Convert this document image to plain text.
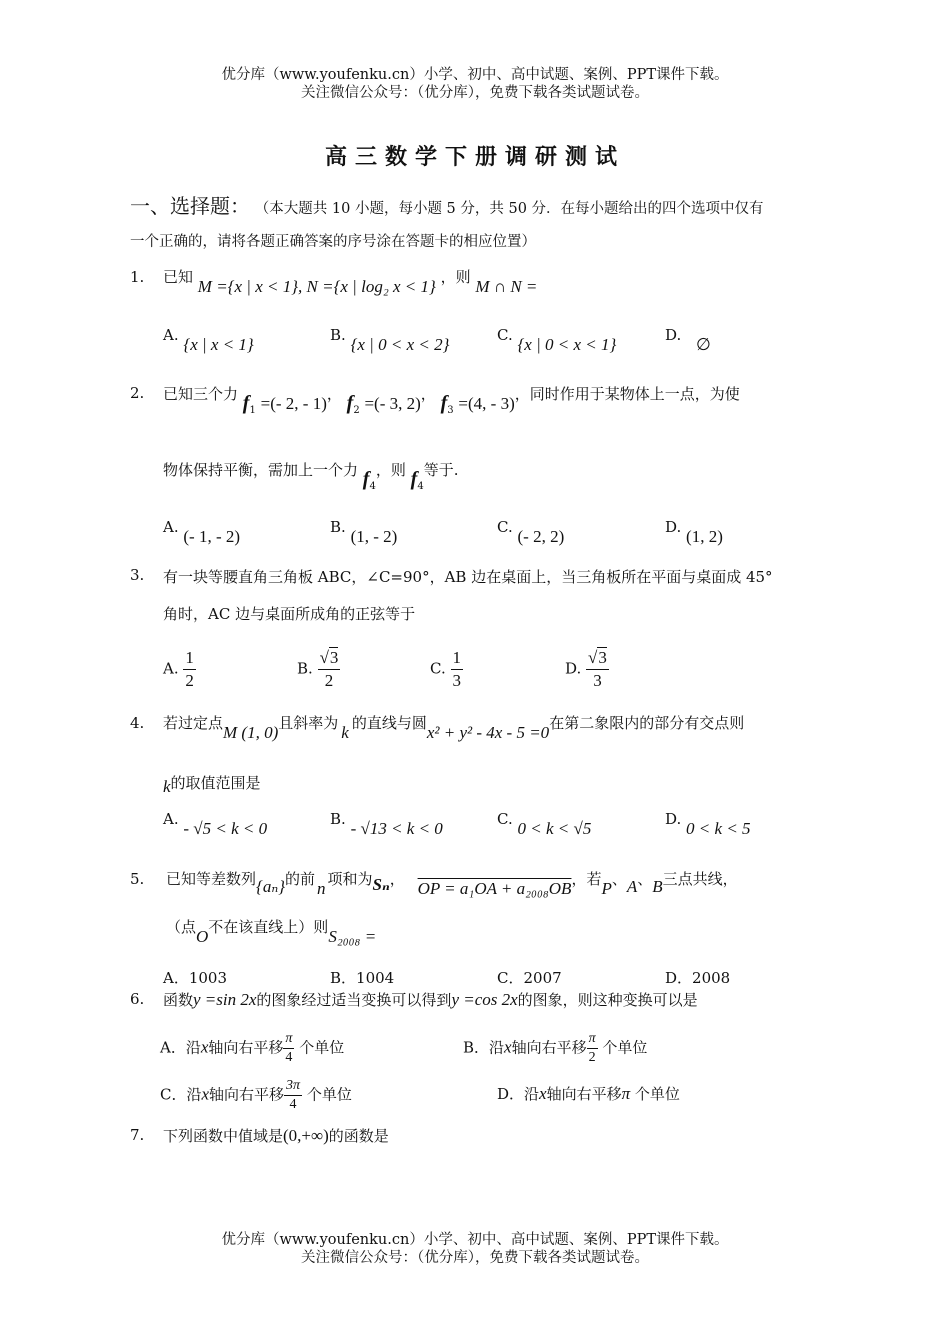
优分库（www.youfenku.cn）小学、初中、高中试题、案例、PPT课件下载。
关注微信公众号：（优分库），免费下载各类试题试卷。
高三数学下册调研测试
一、选择题： （本大题共 10 小题，每小题 5 分，共 50 分．在每小题给出的四个选项中仅有
一个正确的，请将各题正确答案的序号涂在答题卡的相应位置）
1. 已知 M ={x | x < 1}, N ={x | log₂ x < 1} ，则 M ∩ N =
A. {x | x < 1}	B. {x | 0 < x < 2}	C. {x | 0 < x < 1}	D. ∅
2. 已知三个力 $f_1$ =(- 2, - 1)， $f_2$ =(- 3, 2)， $f_3 =(4$, - 3)，同时作用于某物体上一点，为使
物体保持平衡，需加上一个力 $f_4$，则 $f_4$等于.
A. (- 1, - 2)	B. (1, - 2)	C. (- 2, 2)	D. (1, 2)
3. 有一块等腰直角三角板 ABC，∠C=90°，AB 边在桌面上，当三角板所在平面与桌面成 45°
角时，AC 边与桌面所成角的正弦等于
A. $\frac{1}{2}$	B. $\frac{√3}{2}$	C. $\frac{1}{3}$	D. $\frac{√3}{3}$
4. 若过定点M (1, 0)且斜率为 k 的直线与圆x² + y² - 4x - 5 =0在第二象限内的部分有交点则
k的取值范围是
A. - √5 < k < 0	B. - √13 < k < 0	C. 0 < k < √5	D. 0 < k < 5
5. 已知等差数列{aₙ}的前 n 项和为Sₙ， OP = a₁OA + a₂₀₀₈OB，若P、A、B三点共线，
（点O不在该直线上）则S₂₀₀₈ =
A．1003	B．1004	C．2007	D．2008
6. 函数y =sin 2x的图象经过适当变换可以得到y =cos 2x的图象，则这种变换可以是
A．沿x轴向右平移 $\frac{\pi}{4}$ 个单位	B．沿x轴向右平移 $\frac{\pi}{2}$ 个单位
C．沿x轴向右平移 $\frac{3\pi}{4}$ 个单位	D．沿x轴向右平移π 个单位
7. 下列函数中值域是(0,+∞)的函数是
优分库（www.youfenku.cn）小学、初中、高中试题、案例、PPT课件下载。
关注微信公众号：（优分库），免费下载各类试题试卷。
